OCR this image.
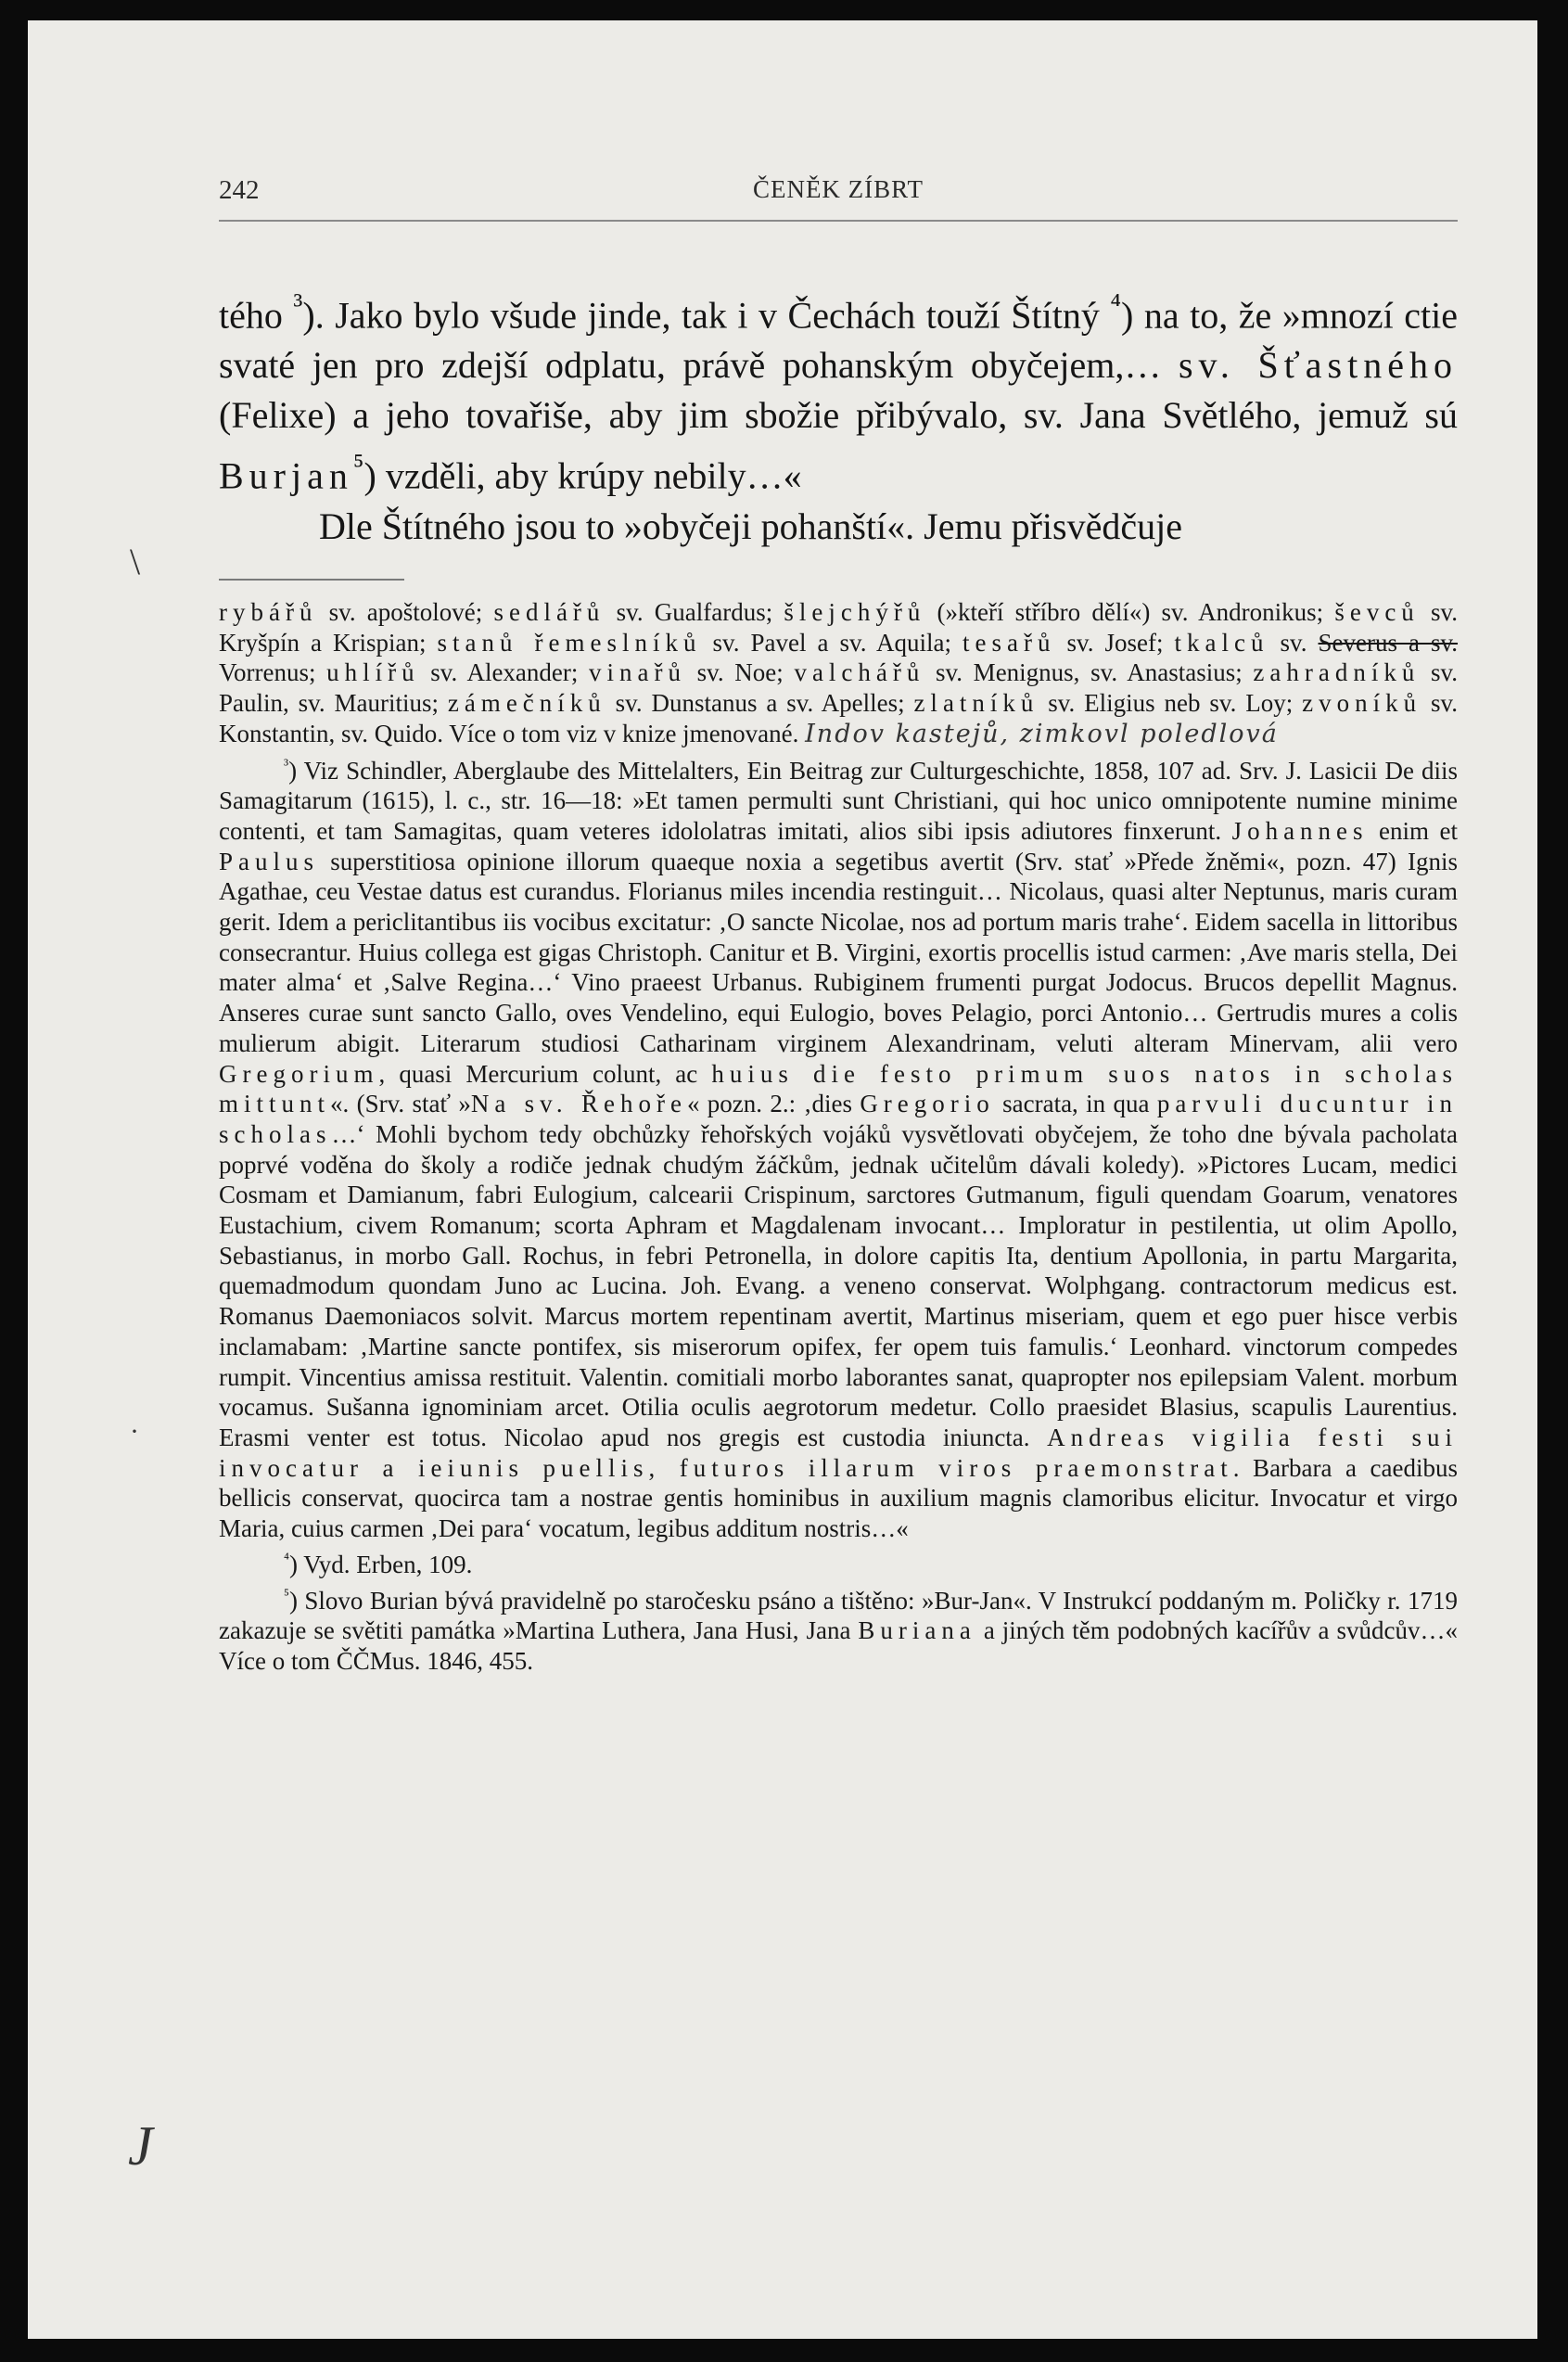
242	ČENĚK ZÍBRT

tého $^{^3}$). Jako bylo všude jinde, tak i v Čechách touží Štítný $^{^4}$) na to, že »mnozí ctie svaté jen pro zdejší odplatu, právě pohanským obyčejem,… sv. Šťastného (Felixe) a jeho tovařiše, aby jim sbožie přibývalo, sv. Jana Světlého, jemuž sú Burjan$^{^5}$) vzděli, aby krúpy nebily…«

Dle Štítného jsou to »obyčeji pohanští«. Jemu přisvědčuje

rybářů sv. apoštolové; sedlářů sv. Gualfardus; šlejchýřů (»kteří stříbro dělí«) sv. Andronikus; ševců sv. Kryšpín a Krispian; stanů řemeslníků sv. Pavel a sv. Aquila; tesařů sv. Josef; tkalců sv. Severus a sv. Vorrenus; uhlířů sv. Alexander; vinařů sv. Noe; valchářů sv. Menignus, sv. Anastasius; zahradníků sv. Paulin, sv. Mauritius; zámečníků sv. Dunstanus a sv. Apelles; zlatníků sv. Eligius neb sv. Loy; zvoníků sv. Konstantin, sv. Quido. Více o tom viz v knize jmenované. Indov kastejů, zimkovl poledlová

$^{^3}$) Viz Schindler, Aberglaube des Mittelalters, Ein Beitrag zur Culturgeschichte, 1858, 107 ad. Srv. J. Lasicii De diis Samagitarum (1615), l. c., str. 16—18: »Et tamen permulti sunt Christiani, qui hoc unico omnipotente numine minime contenti, et tam Samagitas, quam veteres idololatras imitati, alios sibi ipsis adiutores finxerunt. Johannes enim et Paulus superstitiosa opinione illorum quaeque noxia a segetibus avertit (Srv. stať »Přede žněmi«, pozn. 47) Ignis Agathae, ceu Vestae datus est curandus. Florianus miles incendia restinguit… Nicolaus, quasi alter Neptunus, maris curam gerit. Idem a periclitantibus iis vocibus excitatur: ‚O sancte Nicolae, nos ad portum maris trahe‘. Eidem sacella in littoribus consecrantur. Huius collega est gigas Christoph. Canitur et B. Virgini, exortis procellis istud carmen: ‚Ave maris stella, Dei mater alma‘ et ‚Salve Regina…‘ Vino praeest Urbanus. Rubiginem frumenti purgat Jodocus. Brucos depellit Magnus. Anseres curae sunt sancto Gallo, oves Vendelino, equi Eulogio, boves Pelagio, porci Antonio… Gertrudis mures a colis mulierum abigit. Literarum studiosi Catharinam virginem Alexandrinam, veluti alteram Minervam, alii vero Gregorium, quasi Mercurium colunt, ac huius die festo primum suos natos in scholas mittunt«. (Srv. stať »Na sv. Řehoře« pozn. 2.: ‚dies Gregorio sacrata, in qua parvuli ducuntur in scholas…‘ Mohli bychom tedy obchůzky řehořských vojáků vysvětlovati obyčejem, že toho dne bývala pacholata poprvé voděna do školy a rodiče jednak chudým žáčkům, jednak učitelům dávali koledy). »Pictores Lucam, medici Cosmam et Damianum, fabri Eulogium, calcearii Crispinum, sarctores Gutmanum, figuli quendam Goarum, venatores Eustachium, civem Romanum; scorta Aphram et Magdalenam invocant… Imploratur in pestilentia, ut olim Apollo, Sebastianus, in morbo Gall. Rochus, in febri Petronella, in dolore capitis Ita, dentium Apollonia, in partu Margarita, quemadmodum quondam Juno ac Lucina. Joh. Evang. a veneno conservat. Wolphgang. contractorum medicus est. Romanus Daemoniacos solvit. Marcus mortem repentinam avertit, Martinus miseriam, quem et ego puer hisce verbis inclamabam: ‚Martine sancte pontifex, sis miserorum opifex, fer opem tuis famulis.‘ Leonhard. vinctorum compedes rumpit. Vincentius amissa restituit. Valentin. comitiali morbo laborantes sanat, quapropter nos epilepsiam Valent. morbum vocamus. Sušanna ignominiam arcet. Otilia oculis aegrotorum medetur. Collo praesidet Blasius, scapulis Laurentius. Erasmi venter est totus. Nicolao apud nos gregis est custodia iniuncta. Andreas vigilia festi sui invocatur a ieiunis puellis, futuros illarum viros praemonstrat. Barbara a caedibus bellicis conservat, quocirca tam a nostrae gentis hominibus in auxilium magnis clamoribus elicitur. Invocatur et virgo Maria, cuius carmen ‚Dei para‘ vocatum, legibus additum nostris…«

$^{^4}$) Vyd. Erben, 109.

$^{^5}$) Slovo Burian bývá pravidelně po staročesku psáno a tištěno: »Bur-Jan«. V Instrukcí poddaným m. Poličky r. 1719 zakazuje se světiti památka »Martina Luthera, Jana Husi, Jana Buriana a jiných těm podobných kacířův a svůdcův…« Více o tom ČČMus. 1846, 455.

\
·
J
